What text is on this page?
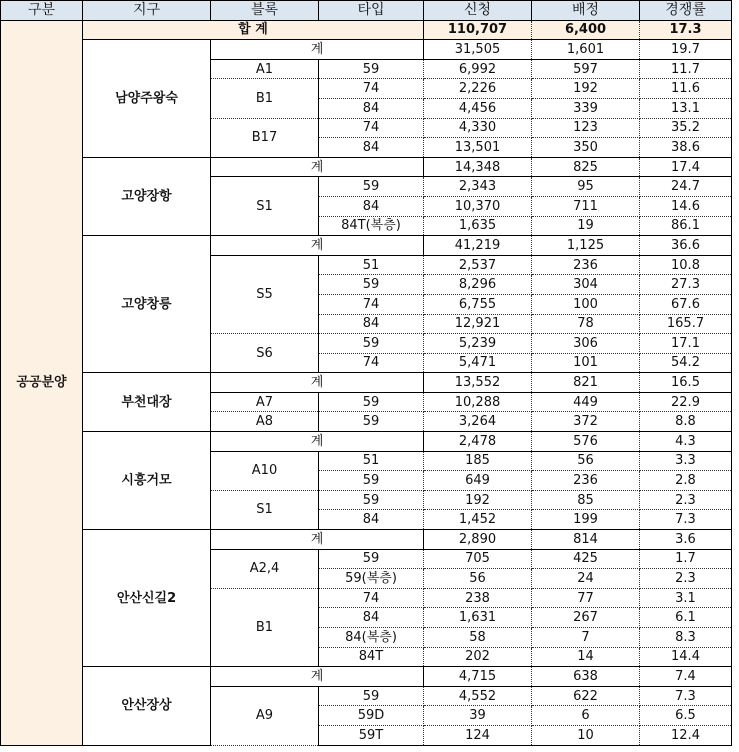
구분	지구	블록	타입	신청	배정	경쟁률
공공분양	합 계			110,707	6,400	17.3
	남양주왕숙	계		31,505	1,601	19.7
		A1	59	6,992	597	11.7
		B1	74	2,226	192	11.6
			84	4,456	339	13.1
		B17	74	4,330	123	35.2
			84	13,501	350	38.6
	고양장항	계		14,348	825	17.4
		S1	59	2,343	95	24.7
			84	10,370	711	14.6
			84T(복층)	1,635	19	86.1
	고양창릉	계		41,219	1,125	36.6
		S5	51	2,537	236	10.8
			59	8,296	304	27.3
			74	6,755	100	67.6
			84	12,921	78	165.7
		S6	59	5,239	306	17.1
			74	5,471	101	54.2
	부천대장	계		13,552	821	16.5
		A7	59	10,288	449	22.9
		A8	59	3,264	372	8.8
	시흥거모	계		2,478	576	4.3
		A10	51	185	56	3.3
			59	649	236	2.8
		S1	59	192	85	2.3
			84	1,452	199	7.3
	안산신길2	계		2,890	814	3.6
		A2,4	59	705	425	1.7
			59(복층)	56	24	2.3
		B1	74	238	77	3.1
			84	1,631	267	6.1
			84(복층)	58	7	8.3
			84T	202	14	14.4
	안산장상	계		4,715	638	7.4
		A9	59	4,552	622	7.3
			59D	39	6	6.5
			59T	124	10	12.4
